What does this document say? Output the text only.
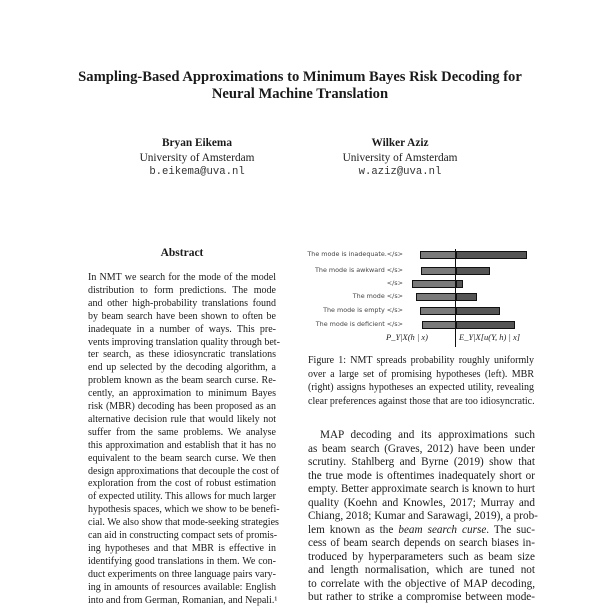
Sampling-Based Approximations to Minimum Bayes Risk Decoding for
Neural Machine Translation
Bryan Eikema
University of Amsterdam
b.eikema@uva.nl
Wilker Aziz
University of Amsterdam
w.aziz@uva.nl
Abstract
In NMT we search for the mode of the model
distribution to form predictions. The mode
and other high-probability translations found
by beam search have been shown to often be
inadequate in a number of ways. This pre-
vents improving translation quality through bet-
ter search, as these idiosyncratic translations
end up selected by the decoding algorithm, a
problem known as the beam search curse. Re-
cently, an approximation to minimum Bayes
risk (MBR) decoding has been proposed as an
alternative decision rule that would likely not
suffer from the same problems. We analyse
this approximation and establish that it has no
equivalent to the beam search curse. We then
design approximations that decouple the cost of
exploration from the cost of robust estimation
of expected utility. This allows for much larger
hypothesis spaces, which we show to be benefi-
cial. We also show that mode-seeking strategies
can aid in constructing compact sets of promis-
ing hypotheses and that MBR is effective in
identifying good translations in them. We con-
duct experiments on three language pairs vary-
ing in amounts of resources available: English
into and from German, Romanian, and Nepali.¹
P_Y|X(h | x)	E_Y|X[u(Y, h) | x]
The mode is inadequate.</s>
The mode is awkward </s>
</s>
The mode </s>
The mode is empty </s>
The mode is deficient </s>
Figure 1: NMT spreads probability roughly uniformly
over a large set of promising hypotheses (left). MBR
(right) assigns hypotheses an expected utility, revealing
clear preferences against those that are too idiosyncratic.
MAP decoding and its approximations such
as beam search (Graves, 2012) have been under
scrutiny. Stahlberg and Byrne (2019) show that
the true mode is oftentimes inadequately short or
empty. Better approximate search is known to hurt
quality (Koehn and Knowles, 2017; Murray and
Chiang, 2018; Kumar and Sarawagi, 2019), a prob-
lem known as the beam search curse. The suc-
cess of beam search depends on search biases in-
troduced by hyperparameters such as beam size
and length normalisation, which are tuned not
to correlate with the objective of MAP decoding,
but rather to strike a compromise between mode-
